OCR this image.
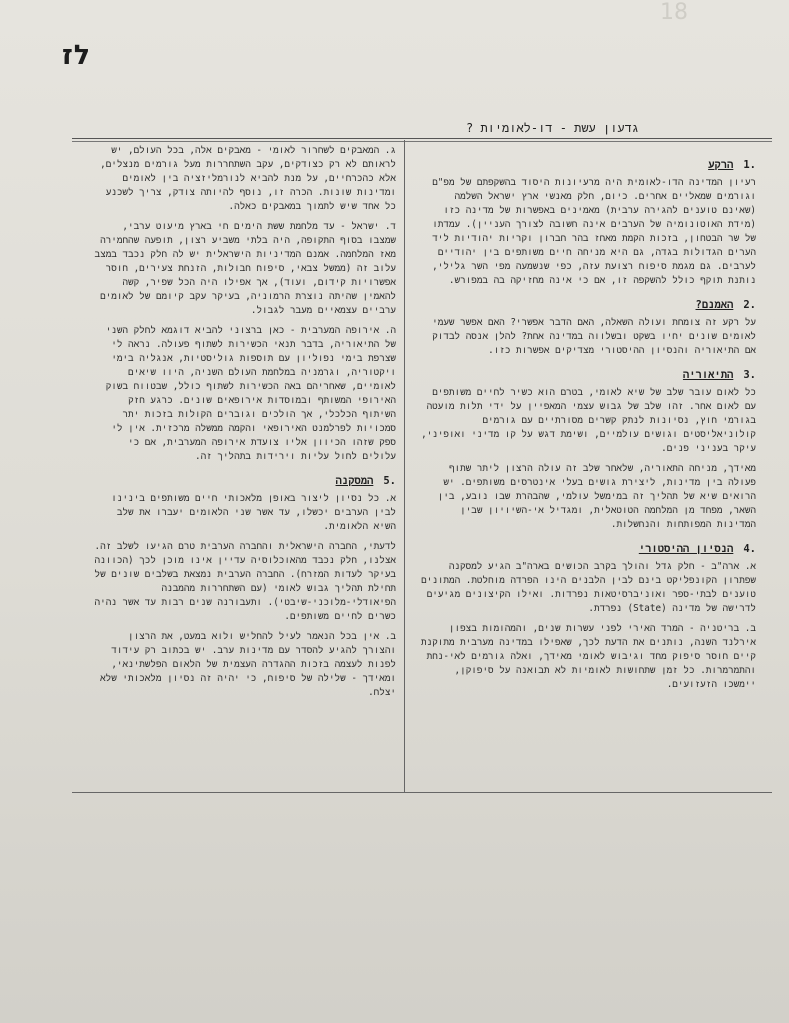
18
לז
גדעון עשת - דו-לאומיות ?
.1הרקע

רעיון המדינה הדו-לאומית היה מרעיונות היסוד בהשקפתם של מפ"ם וגורמים שמאליים אחרים. כיום, חלק מאנשי ארץ ישראל השלמה (שאינם טוענים להגירה ערבית) מאמינים באפשרות של מדינה כזו (מידת האוטונומיה של הערבים אינה חשובה לצורך העניין). עמדתו של שר הבטחון, בזכות הקמת מאחז בהר חברון וקריות יהודיות ליד הערים הגדולות בגדה, גם היא מניחה חיים משותפים בין יהודיים לערבים. גם מגמת סיפוח רצועת עזה, כפי שנשמעה מפי השר גלילי, נותנת תוקף כולל להשקפה זו, אם כי אינה מחזיקה בה במפורש.

.2האמנם?

על רקע זה צומחת ועולה השאלה, האם הדבר אפשרי? האם אפשר שעמי לאומים שונים יחיו בשקט ובשלווה במדינה אחת? להלן אנסה לבדוק אם התיאוריה והנסיון ההיסטורי מצדיקים אפשרות כזו.

.3התיאוריה

כל לאום עובר שלב של שיא לאומי, בטרם הוא כשיר לחיים משותפים עם לאום אחר. זהו שלב של גבוש עצמי המאפיין על ידי תלות מועטה בגורמי חוץ, נסיונות לנתק קשרים מסורתיים עם גורמים קולוניאליסטים וגושים עולמיים, ושימת דגש על קו מדיני ואופיני, עיקר בעניני פנים.

מאידך, מניחה התאוריה, שלאחר שלב זה עולה הרצון ליתר שתוף פעולה בין מדינות, ליצירת גושים בעלי אינטרסים משותפים. יש הרואים שיא של תהליך זה במימשל עולמי, שהבהרת שבו נובע, בין השאר, מפחד מן המלחמה הטוטאלית, ומגדיל אי-השיויון שבין המדינות המפותחות והנחשלות.

.4הנסיון ההיסטורי

א. ארה"ב - חלק גדל והולך בקרב הכושים בארה"ב הגיע למסקנה שפתרון הקונפליקט בינם לבין הלבנים הינו הפרדה מוחלטת. המתונים טוענים לבתי-ספר ואוניברסיטאות נפרדות. ואילו הקיצונים מגיעים לדרישה של מדינה (State) נפרדת.

ב. בריטניה - המרד האירי לפני עשרות שנים, והמהומות בצפון אירלנד השנה, נותנים את הדעת לכך, שאפילו במדינה מערבית מתוקנת קיים חוסר סיפוק מחד וגיבוש לאומי מאידך, ואלה גורמים לאי-נחת והתמרמרות. כל זמן שתחושות לאומיות לא תבואנה על סיפוקן, יימשכו הזעזועים.

ג. המאבקים לשחרור לאומי - מאבקים אלה, בכל העולם, יש לראותם לא רק כצודקים, עקב השתחררות מעל גורמים מנצלים, אלא כהכרחיים, על מנת להביא לנורמליזציה בין לאומים ומדינות שונות. הכרה זו, נוסף להיותה צודק, צריך לשכנע כל אחד שיש לתמוך במאבקים כאלה.

ד. ישראל - עד מלחמת ששת הימים חי בארץ מיעוט ערבי, שמצבו בסוף התקופה, היה בלתי משביע רצון, תופעה שהחמירה מאז המלחמה. אמנם המדיניות הישראלית יש לה חלק נכבד במצב עלוב זה (ממשל צבאי, סיפוח חבולות, הזנחת צעירים, חוסר אפשרויות קידום, ועוד), אך אפילו היה הכל שפיר, קשה להאמין שהיתה נוצרת הרמוניה, בעיקר עקב קיומם של לאומים ערביים עצמאיים מעבר לגבול.

ה. אירופה המערבית - כאן ברצוני להביא דוגמא לחלק השני של התיאוריה, בדבר תנאי הכשירות לשתוף פעולה. נראה לי שצרפת בימי נפוליון עם תוספות גוליסטיות, אנגליה בימי ויקטוריה, וגרמניה במלחמת העולם השניה, היוו שיאים לאומיים, שאחריהם באה הכשירות לשתוף כולל, שבטווח בשוק האירופי המשותף ובמוסדות אירופאים שונים. כרגע חזק השיתוף הכלכלי, אך הולכים וגוברים הקולות בזכות יתר סמכויות לפרלמנט האירופאי והקמה ממשלה מרכזית. אין לי ספק שזהו הכיוון אליו צועדת אירופה המערבית, אם כי עלולים לחול עליות וירידות בתהליך זה.

.5המסקנה

א. כל נסיון ליצור באופן מלאכותי חיים משותפים בינינו לבין הערבים יכשלו, עד אשר שני הלאומים יעברו את שלב השיא הלאומית.

לדעתי, החברה הישראלית והחברה הערבית טרם הגיעו לשלב זה. אצלנו, חלק נכבד מהאוכלוסיה עדיין אינו מוכן לכך (הכוונה בעיקר לעדות המזרח). החברה הערבית נמצאת בשלבים שונים של תחילת תהליך גבוש לאומי (עם השתחררות מהמבנה הפיאודלי-מלוכני-שיבטי). ותעבורנה שנים רבות עד אשר נהיה כשרים לחיים משותפים.

ב. אין בכל הנאמר לעיל להחליש ולוא במעט, את הרצון והצורך להגיע להסדר עם מדינות ערב. יש בכתוב רק עידוד לפנות לעצמה בזכות ההגדרה העצמית של הלאום הפלשתינאי, ומאידך - שלילה של סיפוח, כי יהיה זה נסיון מלאכותי שלא יצלח.
